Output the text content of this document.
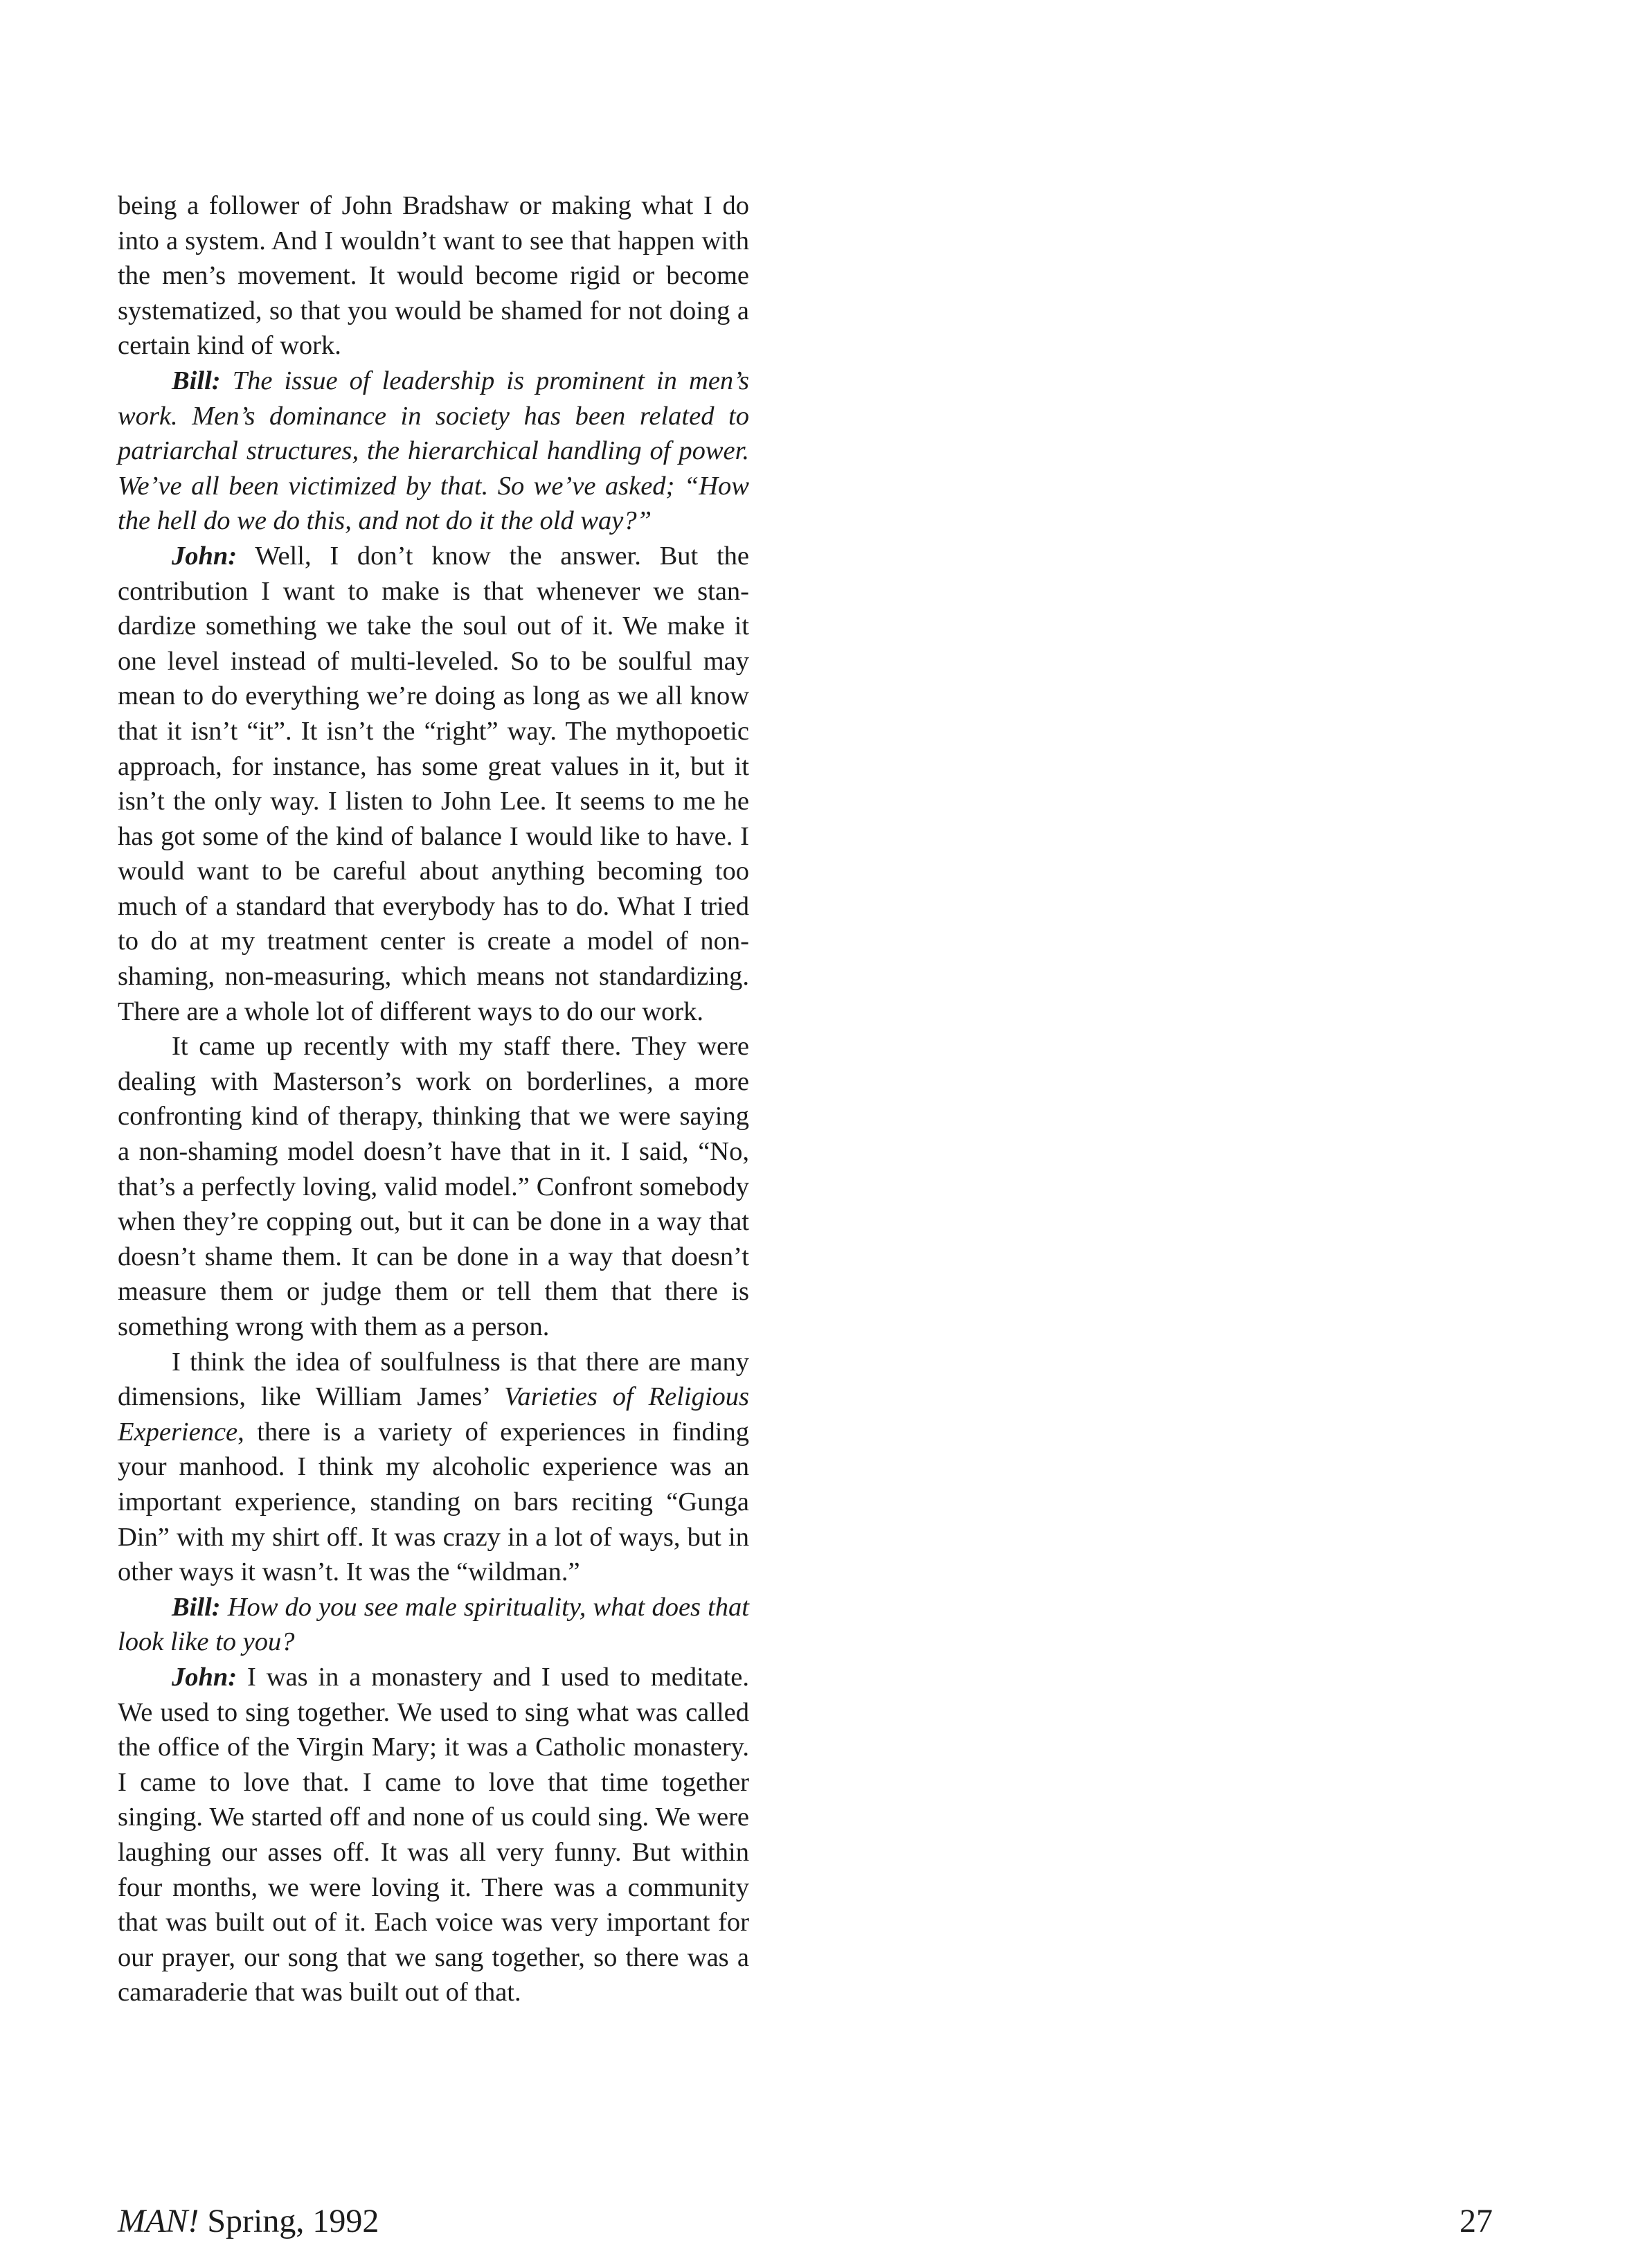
being a follower of John Bradshaw or making what I do into a system. And I wouldn’t want to see that happen with the men’s movement. It would become rigid or become systematized, so that you would be shamed for not doing a certain kind of work.

Bill: The issue of leadership is prominent in men’s work. Men’s dominance in society has been related to patriarchal structures, the hierarchical handling of power. We’ve all been victimized by that. So we’ve asked; “How the hell do we do this, and not do it the old way?”

John: Well, I don’t know the answer. But the contribution I want to make is that whenever we standardize something we take the soul out of it. We make it one level instead of multi-leveled. So to be soulful may mean to do everything we’re doing as long as we all know that it isn’t “it”. It isn’t the “right” way. The mythopoetic approach, for instance, has some great values in it, but it isn’t the only way. I listen to John Lee. It seems to me he has got some of the kind of balance I would like to have. I would want to be careful about anything becoming too much of a standard that everybody has to do. What I tried to do at my treatment center is create a model of non-shaming, non-measuring, which means not standardizing. There are a whole lot of different ways to do our work.

It came up recently with my staff there. They were dealing with Masterson’s work on borderlines, a more confronting kind of therapy, thinking that we were saying a non-shaming model doesn’t have that in it. I said, “No, that’s a perfectly loving, valid model.” Confront somebody when they’re copping out, but it can be done in a way that doesn’t shame them. It can be done in a way that doesn’t measure them or judge them or tell them that there is something wrong with them as a person.

I think the idea of soulfulness is that there are many dimensions, like William James’ Varieties of Religious Experience, there is a variety of experiences in finding your manhood. I think my alcoholic experience was an important experience, standing on bars reciting “Gunga Din” with my shirt off. It was crazy in a lot of ways, but in other ways it wasn’t. It was the “wildman.”

Bill: How do you see male spirituality, what does that look like to you?

John: I was in a monastery and I used to meditate. We used to sing together. We used to sing what was called the office of the Virgin Mary; it was a Catholic monastery. I came to love that. I came to love that time together singing. We started off and none of us could sing. We were laughing our asses off. It was all very funny. But within four months, we were loving it. There was a community that was built out of it. Each voice was very important for our prayer, our song that we sang together, so there was a camaraderie that was built out of that.

MAN! Spring, 1992	27
